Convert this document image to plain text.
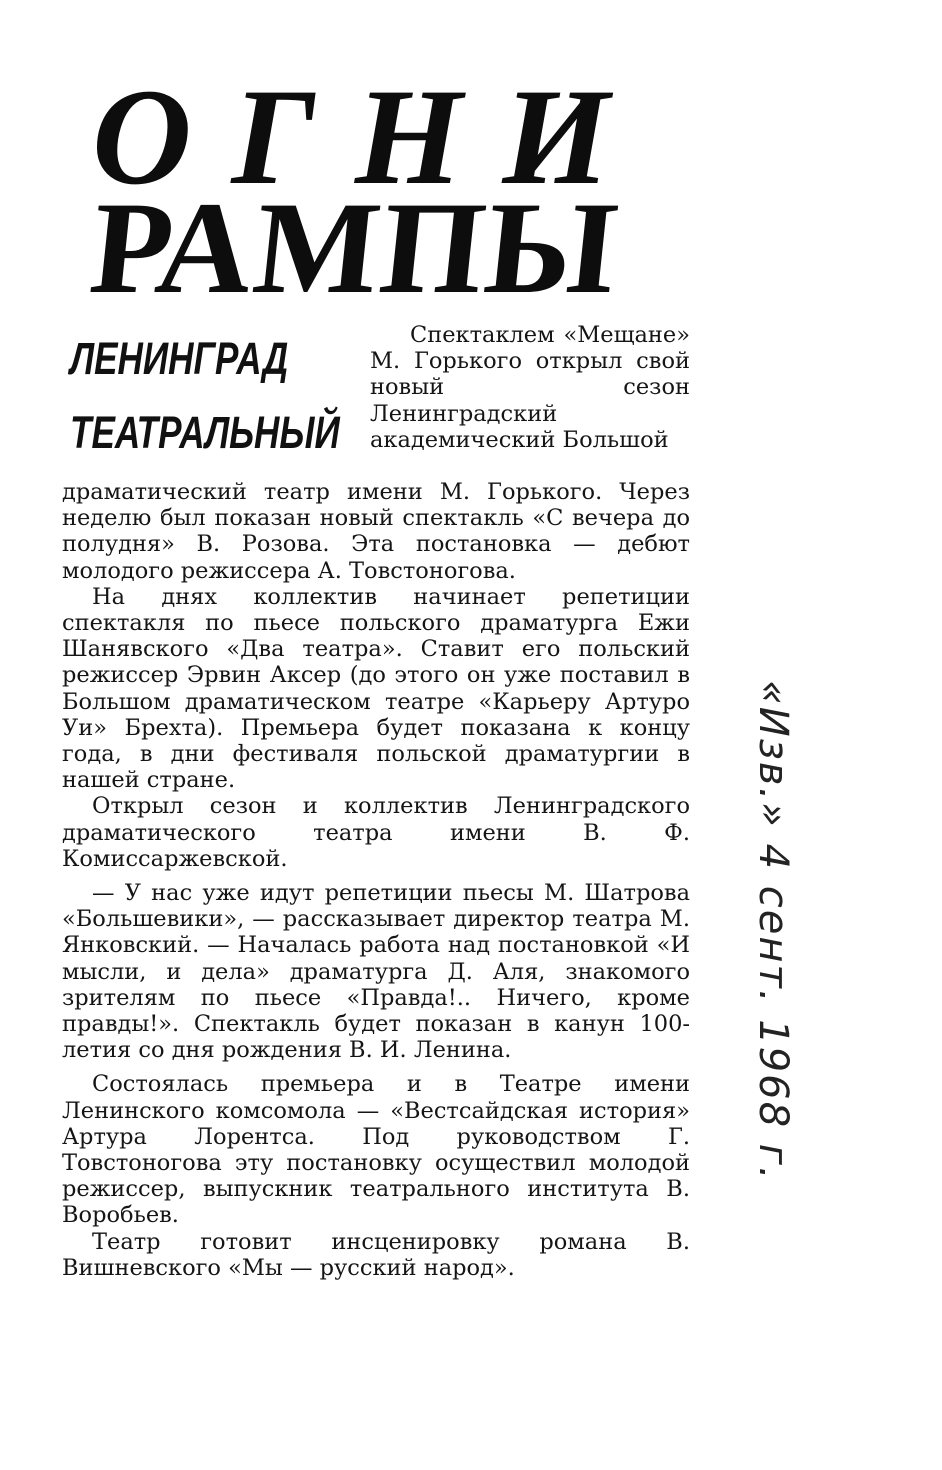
ОГНИ
РАМПЫ
ЛЕНИНГРАД
ТЕАТРАЛЬНЫЙ

Спектаклем «Мещане» М. Горького открыл свой новый сезон Ленинградский академический Большой

драматический театр имени М. Горького. Через неделю был показан новый спектакль «С вечера до полудня» В. Розова. Эта постановка — дебют молодого режиссера А. Товстоногова.

На днях коллектив начинает репетиции спектакля по пьесе польского драматурга Ежи Шанявского «Два театра». Ставит его польский режиссер Эрвин Аксер (до этого он уже поставил в Большом драматическом театре «Карьеру Артуро Уи» Брехта). Премьера будет показана к концу года, в дни фестиваля польской драматургии в нашей стране.

Открыл сезон и коллектив Ленинградского драматического театра имени В. Ф. Комиссаржевской.

— У нас уже идут репетиции пьесы М. Шатрова «Большевики», — рассказывает директор театра М. Янковский. — Началась работа над постановкой «И мысли, и дела» драматурга Д. Аля, знакомого зрителям по пьесе «Правда!.. Ничего, кроме правды!». Спектакль будет показан в канун 100-летия со дня рождения В. И. Ленина.

Состоялась премьера и в Театре имени Ленинского комсомола — «Вестсайдская история» Артура Лорентса. Под руководством Г. Товстоногова эту постановку осуществил молодой режиссер, выпускник театрального института В. Воробьев.

Театр готовит инсценировку романа В. Вишневского «Мы — русский народ».

«Изв.» 4 сент. 1968 г.
